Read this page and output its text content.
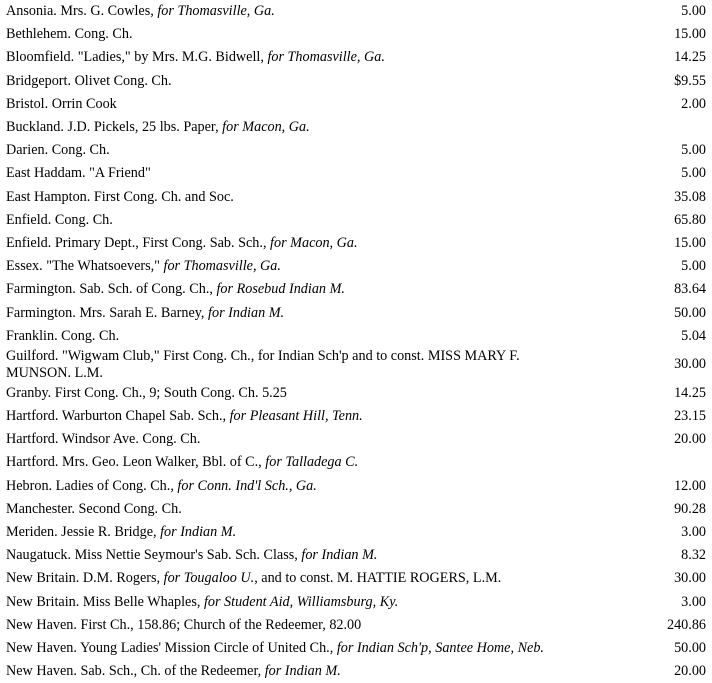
Ansonia. Mrs. G. Cowles, for Thomasville, Ga.	5.00
Bethlehem. Cong. Ch.	15.00
Bloomfield. "Ladies," by Mrs. M.G. Bidwell, for Thomasville, Ga.	14.25
Bridgeport. Olivet Cong. Ch.	$9.55
Bristol. Orrin Cook	2.00
Buckland. J.D. Pickels, 25 lbs. Paper, for Macon, Ga.	
Darien. Cong. Ch.	5.00
East Haddam. "A Friend"	5.00
East Hampton. First Cong. Ch. and Soc.	35.08
Enfield. Cong. Ch.	65.80
Enfield. Primary Dept., First Cong. Sab. Sch., for Macon, Ga.	15.00
Essex. "The Whatsoevers," for Thomasville, Ga.	5.00
Farmington. Sab. Sch. of Cong. Ch., for Rosebud Indian M.	83.64
Farmington. Mrs. Sarah E. Barney, for Indian M.	50.00
Franklin. Cong. Ch.	5.04
Guilford. "Wigwam Club," First Cong. Ch., for Indian Sch'p and to const. MISS MARY F. MUNSON. L.M.	30.00
Granby. First Cong. Ch., 9; South Cong. Ch. 5.25	14.25
Hartford. Warburton Chapel Sab. Sch., for Pleasant Hill, Tenn.	23.15
Hartford. Windsor Ave. Cong. Ch.	20.00
Hartford. Mrs. Geo. Leon Walker, Bbl. of C., for Talladega C.	
Hebron. Ladies of Cong. Ch., for Conn. Ind'l Sch., Ga.	12.00
Manchester. Second Cong. Ch.	90.28
Meriden. Jessie R. Bridge, for Indian M.	3.00
Naugatuck. Miss Nettie Seymour's Sab. Sch. Class, for Indian M.	8.32
New Britain. D.M. Rogers, for Tougaloo U., and to const. M. HATTIE ROGERS, L.M.	30.00
New Britain. Miss Belle Whaples, for Student Aid, Williamsburg, Ky.	3.00
New Haven. First Ch., 158.86; Church of the Redeemer, 82.00	240.86
New Haven. Young Ladies' Mission Circle of United Ch., for Indian Sch'p, Santee Home, Neb.	50.00
New Haven. Sab. Sch., Ch. of the Redeemer, for Indian M.	20.00
